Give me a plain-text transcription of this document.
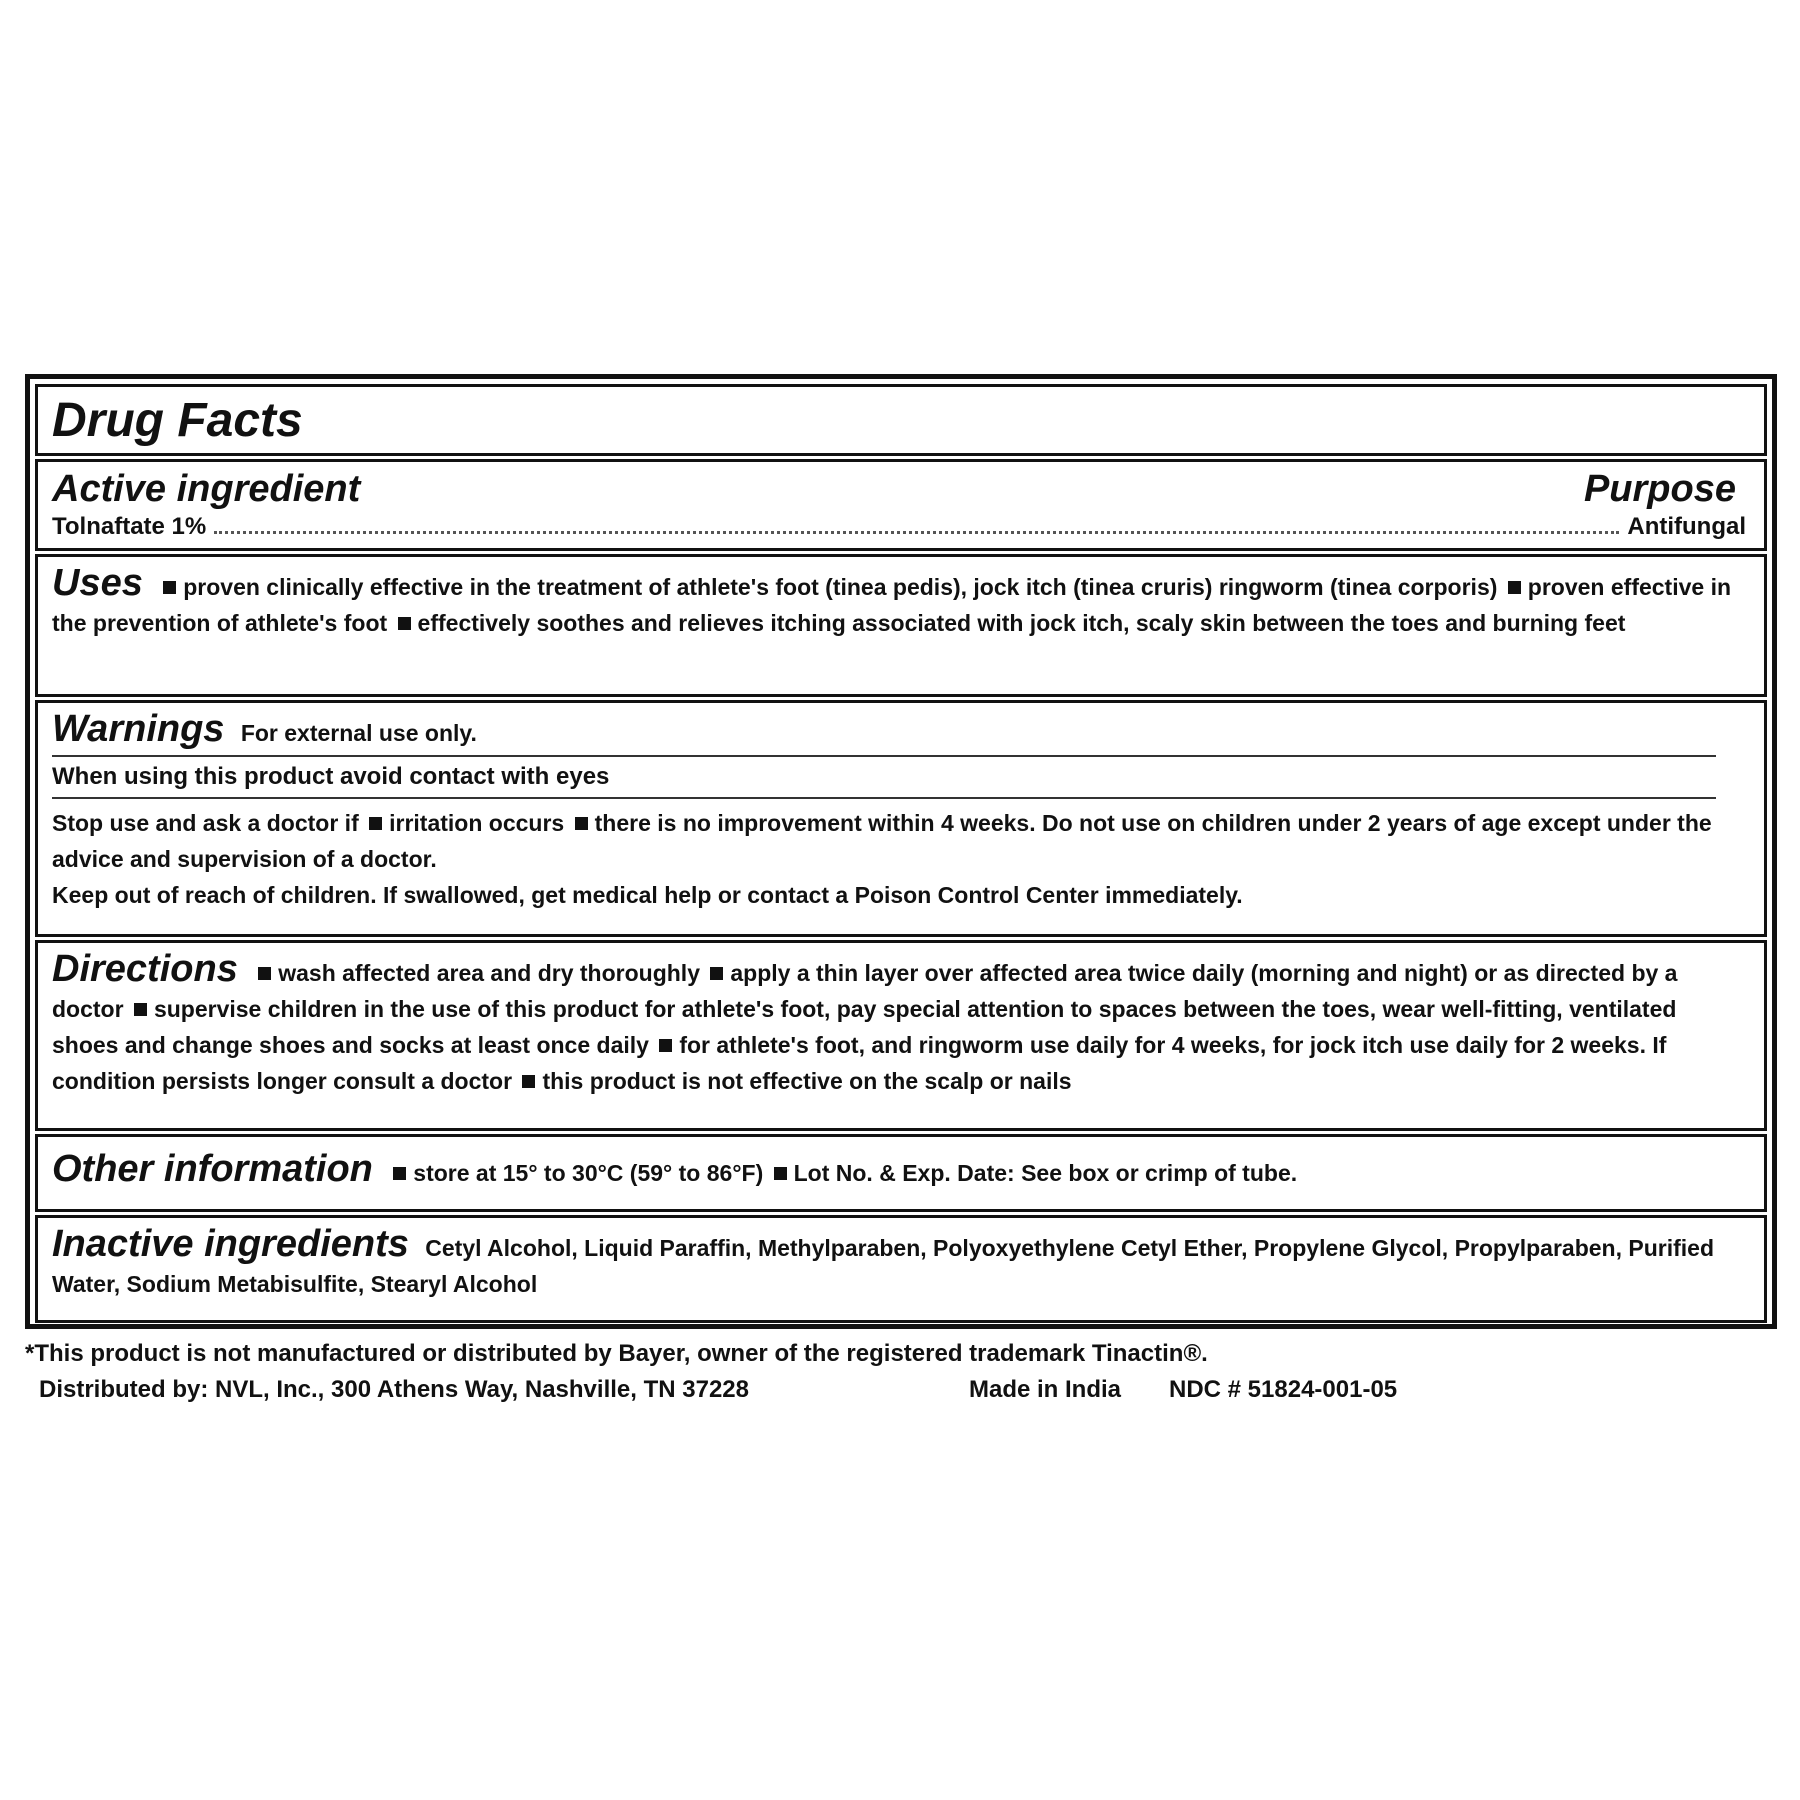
Drug Facts
Active ingredient	Purpose
Tolnaftate 1%	Antifungal
Uses proven clinically effective in the treatment of athlete's foot (tinea pedis), jock itch (tinea cruris) ringworm (tinea corporis) proven effective in the prevention of athlete's foot effectively soothes and relieves itching associated with jock itch, scaly skin between the toes and burning feet
Warnings For external use only.
When using this product avoid contact with eyes
Stop use and ask a doctor if irritation occurs there is no improvement within 4 weeks. Do not use on children under 2 years of age except under the advice and supervision of a doctor.
Keep out of reach of children. If swallowed, get medical help or contact a Poison Control Center immediately.
Directions wash affected area and dry thoroughly apply a thin layer over affected area twice daily (morning and night) or as directed by a doctor supervise children in the use of this product for athlete's foot, pay special attention to spaces between the toes, wear well-fitting, ventilated shoes and change shoes and socks at least once daily for athlete's foot, and ringworm use daily for 4 weeks, for jock itch use daily for 2 weeks. If condition persists longer consult a doctor this product is not effective on the scalp or nails
Other information store at 15° to 30°C (59° to 86°F) Lot No. & Exp. Date: See box or crimp of tube.
Inactive ingredients Cetyl Alcohol, Liquid Paraffin, Methylparaben, Polyoxyethylene Cetyl Ether, Propylene Glycol, Propylparaben, Purified Water, Sodium Metabisulfite, Stearyl Alcohol
*This product is not manufactured or distributed by Bayer, owner of the registered trademark Tinactin®.
Distributed by: NVL, Inc., 300 Athens Way, Nashville, TN 37228	Made in India	NDC # 51824-001-05
